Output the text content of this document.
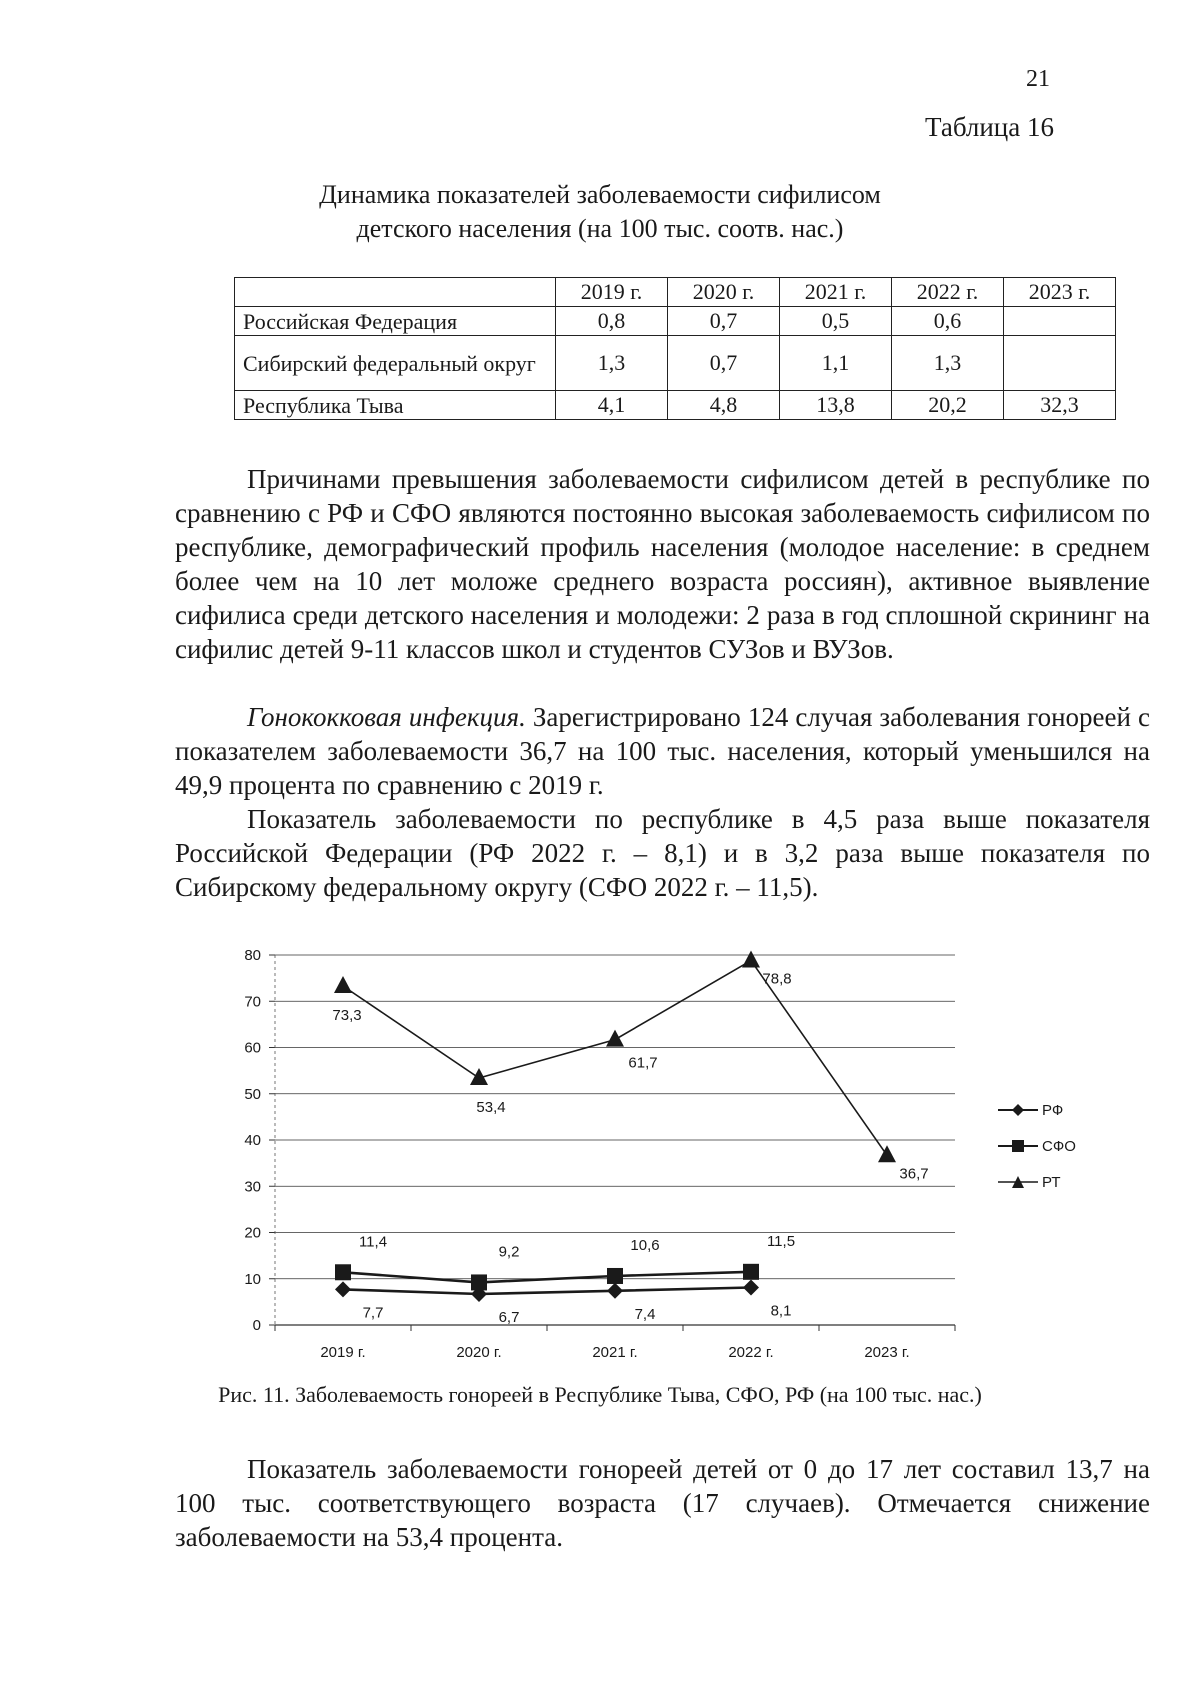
21
Таблица 16
Динамика показателей заболеваемости сифилисом
детского населения (на 100 тыс. соотв. нас.)
	2019 г.	2020 г.	2021 г.	2022 г.	2023 г.
Российская Федерация	0,8	0,7	0,5	0,6	
Сибирский федеральный округ	1,3	0,7	1,1	1,3	
Республика Тыва	4,1	4,8	13,8	20,2	32,3

Причинами превышения заболеваемости сифилисом детей в республике по сравнению с РФ и СФО являются постоянно высокая заболеваемость сифилисом по республике, демографический профиль населения (молодое население: в среднем более чем на 10 лет моложе среднего возраста россиян), активное выявление сифилиса среди детского населения и молодежи: 2 раза в год сплошной скрининг на сифилис детей 9-11 классов школ и студентов СУЗов и ВУЗов.

Гонококковая инфекция. Зарегистрировано 124 случая заболевания гонореей с показателем заболеваемости 36,7 на 100 тыс. населения, который уменьшился на 49,9 процента по сравнению с 2019 г.

Показатель заболеваемости по республике в 4,5 раза выше показателя Российской Федерации (РФ 2022 г. – 8,1) и в 3,2 раза выше показателя по Сибирскому федеральному округу (СФО 2022 г. – 11,5).

0
10
20
30
40
50
60
70
80
2019 г.	2020 г.	2021 г.	2022 г.	2023 г.
7,7	6,7	7,4	8,1
11,4
9,2	10,6	11,5
73,3
53,4
61,7
78,8
36,7
РФ
СФО
РТ
Рис. 11. Заболеваемость гонореей в Республике Тыва, СФО, РФ (на 100 тыс. нас.)

Показатель заболеваемости гонореей детей от 0 до 17 лет составил 13,7 на 100 тыс. соответствующего возраста (17 случаев). Отмечается снижение заболеваемости на 53,4 процента.
